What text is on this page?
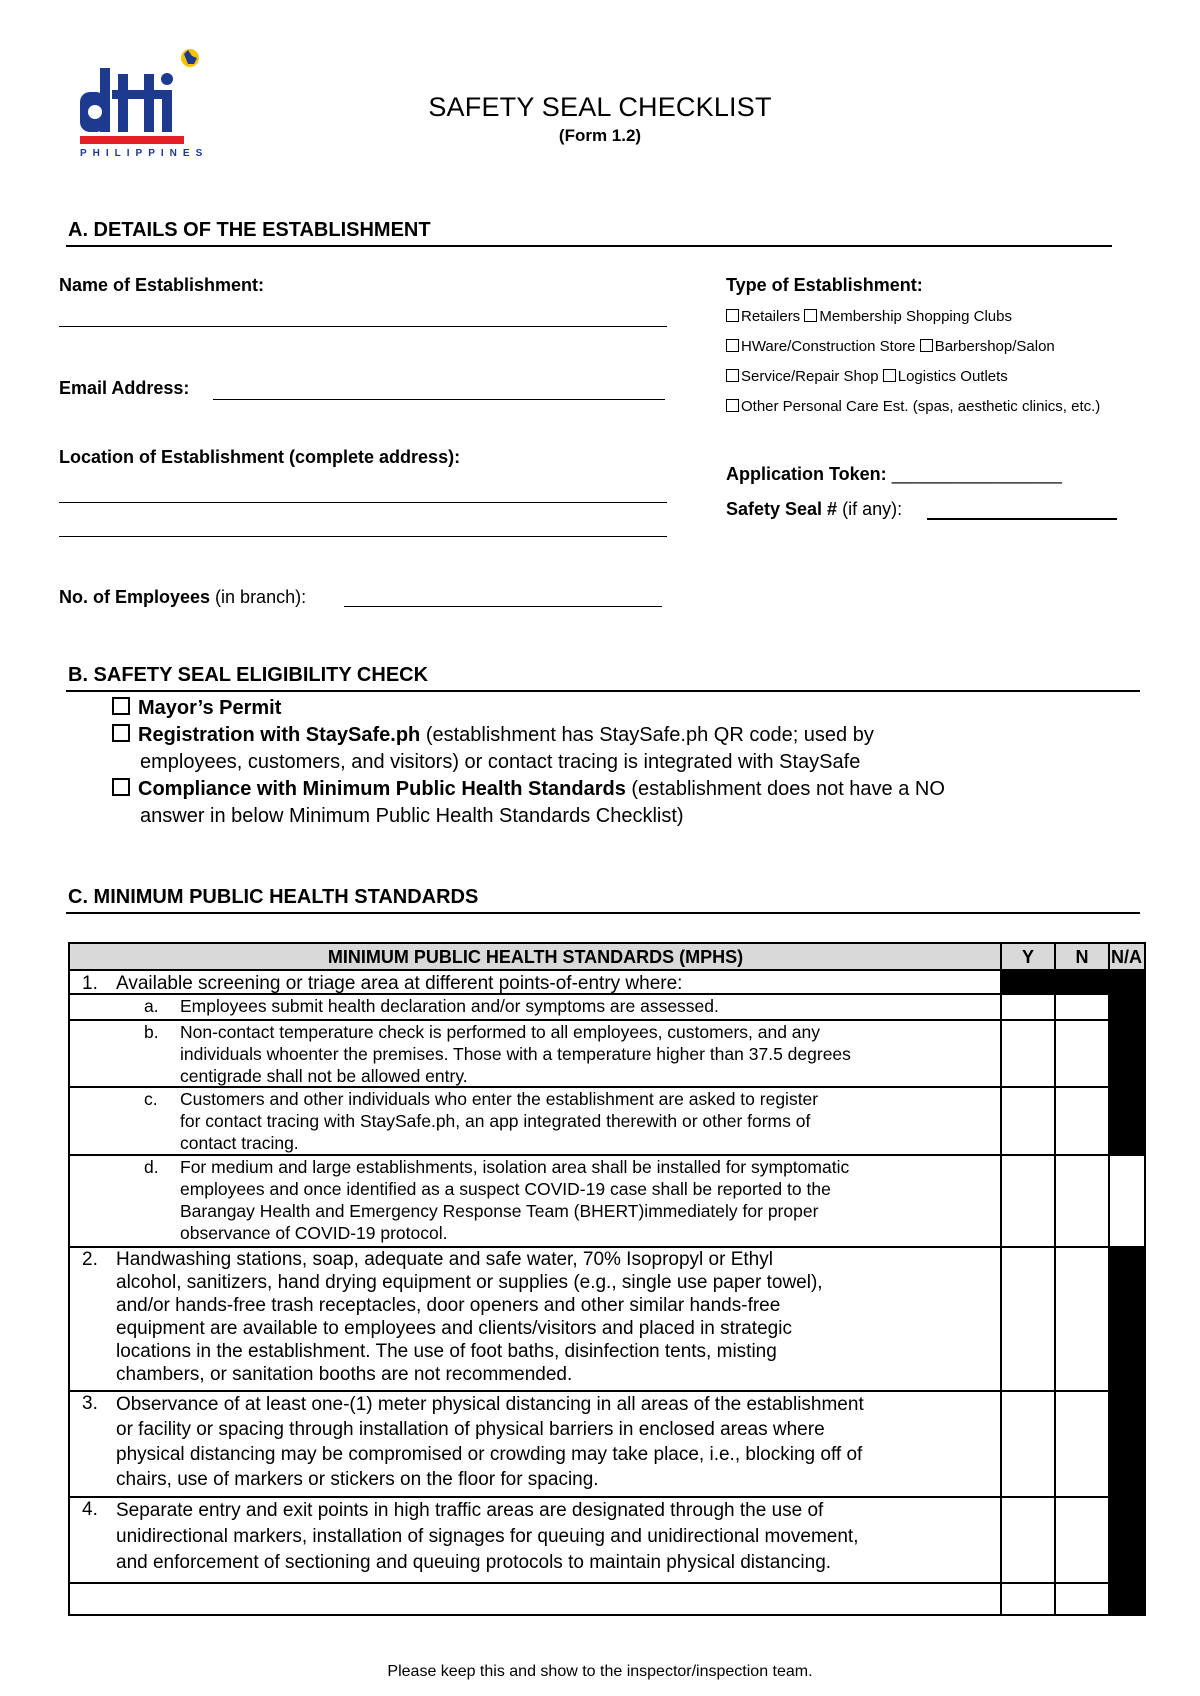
PHILIPPINES
SAFETY SEAL CHECKLIST
(Form 1.2)
A. DETAILS OF THE ESTABLISHMENT
Name of Establishment:
Email Address:
Location of Establishment (complete address):
No. of Employees (in branch):
Type of Establishment:
Retailers Membership Shopping Clubs
HWare/Construction Store Barbershop/Salon
Service/Repair Shop Logistics Outlets
Other Personal Care Est. (spas, aesthetic clinics, etc.)
Application Token: _________________
Safety Seal # (if any):
B. SAFETY SEAL ELIGIBILITY CHECK
Mayor’s Permit
Registration with StaySafe.ph (establishment has StaySafe.ph QR code; used by
employees, customers, and visitors) or contact tracing is integrated with StaySafe
Compliance with Minimum Public Health Standards (establishment does not have a NO
answer in below Minimum Public Health Standards Checklist)
C. MINIMUM PUBLIC HEALTH STANDARDS
MINIMUM PUBLIC HEALTH STANDARDS (MPHS)	Y	N	N/A
1. Available screening or triage area at different points-of-entry where:
a. Employees submit health declaration and/or symptoms are assessed.
b. Non-contact temperature check is performed to all employees, customers, and any
individuals whoenter the premises. Those with a temperature higher than 37.5 degrees
centigrade shall not be allowed entry.
c. Customers and other individuals who enter the establishment are asked to register
for contact tracing with StaySafe.ph, an app integrated therewith or other forms of
contact tracing.
d. For medium and large establishments, isolation area shall be installed for symptomatic
employees and once identified as a suspect COVID-19 case shall be reported to the
Barangay Health and Emergency Response Team (BHERT)immediately for proper
observance of COVID-19 protocol.
2. Handwashing stations, soap, adequate and safe water, 70% Isopropyl or Ethyl
alcohol, sanitizers, hand drying equipment or supplies (e.g., single use paper towel),
and/or hands-free trash receptacles, door openers and other similar hands-free
equipment are available to employees and clients/visitors and placed in strategic
locations in the establishment. The use of foot baths, disinfection tents, misting
chambers, or sanitation booths are not recommended.
3. Observance of at least one-(1) meter physical distancing in all areas of the establishment
or facility or spacing through installation of physical barriers in enclosed areas where
physical distancing may be compromised or crowding may take place, i.e., blocking off of
chairs, use of markers or stickers on the floor for spacing.
4. Separate entry and exit points in high traffic areas are designated through the use of
unidirectional markers, installation of signages for queuing and unidirectional movement,
and enforcement of sectioning and queuing protocols to maintain physical distancing.
Please keep this and show to the inspector/inspection team.
